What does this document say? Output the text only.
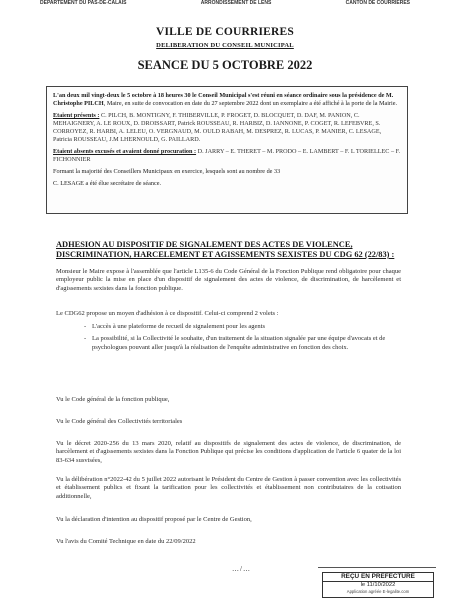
DEPARTEMENT DU PAS-DE-CALAIS	ARRONDISSEMENT DE LENS	CANTON DE COURRIERES
VILLE DE COURRIERES
DELIBERATION DU CONSEIL MUNICIPAL
SEANCE DU 5 OCTOBRE 2022

L'an deux mil vingt-deux le 5 octobre à 18 heures 30 le Conseil Municipal s'est réuni en séance ordinaire sous la présidence de M. Christophe PILCH, Maire, en suite de convocation en date du 27 septembre 2022 dont un exemplaire a été affiché à la porte de la Mairie.

Etaient présents : C. PILCH, B. MONTIGNY, F. THIBERVILLE, P. FROGET, D. BLOCQUET, D. DAF, M. PANION, C. MEHAIGNERY, A. LE ROUX, D. DROISSART, Patrick ROUSSEAU, R. HARBIZ, D. IANNONE, P. COGET, R. LEFEBVRE, S. CORROYEZ, R. HARBI, A. LELEU, O. VERGNAUD, M. OULD RABAH, M. DESPREZ, R. LUCAS, P. MANIER, C. LESAGE, Patricia ROUSSEAU, J.M LHERNOULD, G. PAILLARD.

Etaient absents excusés et avaient donné procuration : D. JARRY – E. THERET – M. PRODO – E. LAMBERT – F. L TORIELLEC – F. FICHONNIER

Formant la majorité des Conseillers Municipaux en exercice, lesquels sont au nombre de 33

C. LESAGE a été élue secrétaire de séance.

ADHESION AU DISPOSITIF DE SIGNALEMENT DES ACTES DE VIOLENCE, DISCRIMINATION, HARCELEMENT ET AGISSEMENTS SEXISTES DU CDG 62 (22/83) :
Monsieur le Maire expose à l'assemblée que l'article L135-6 du Code Général de la Fonction Publique rend obligatoire pour chaque employeur public la mise en place d'un dispositif de signalement des actes de violence, de discrimination, de harcèlement et d'agissements sexistes dans la fonction publique.
Le CDG62 propose un moyen d'adhésion à ce dispositif. Celui-ci comprend 2 volets :
- L'accès à une plateforme de recueil de signalement pour les agents
- La possibilité, si la Collectivité le souhaite, d'un traitement de la situation signalée par une équipe d'avocats et de psychologues pouvant aller jusqu'à la réalisation de l'enquête administrative en fonction des choix.
Vu le Code général de la fonction publique,
Vu le Code général des Collectivités territoriales
Vu le décret 2020-256 du 13 mars 2020, relatif au dispositifs de signalement des actes de violence, de discrimination, de harcèlement et d'agissements sexistes dans la Fonction Publique qui précise les conditions d'application de l'article 6 quater de la loi 83-634 susvisées,
Vu la délibération n°2022-42 du 5 juillet 2022 autorisant le Président du Centre de Gestion à passer convention avec les collectivités et établissement publics et fixant la tarification pour les collectivités et établissement non contributaires de la cotisation additionnelle,
Vu la déclaration d'intention au dispositif proposé par le Centre de Gestion,
Vu l'avis du Comité Technique en date du 22/09/2022
…/…
REÇU EN PREFECTURE
le 11/10/2022
Application agréée E-legalite.com
